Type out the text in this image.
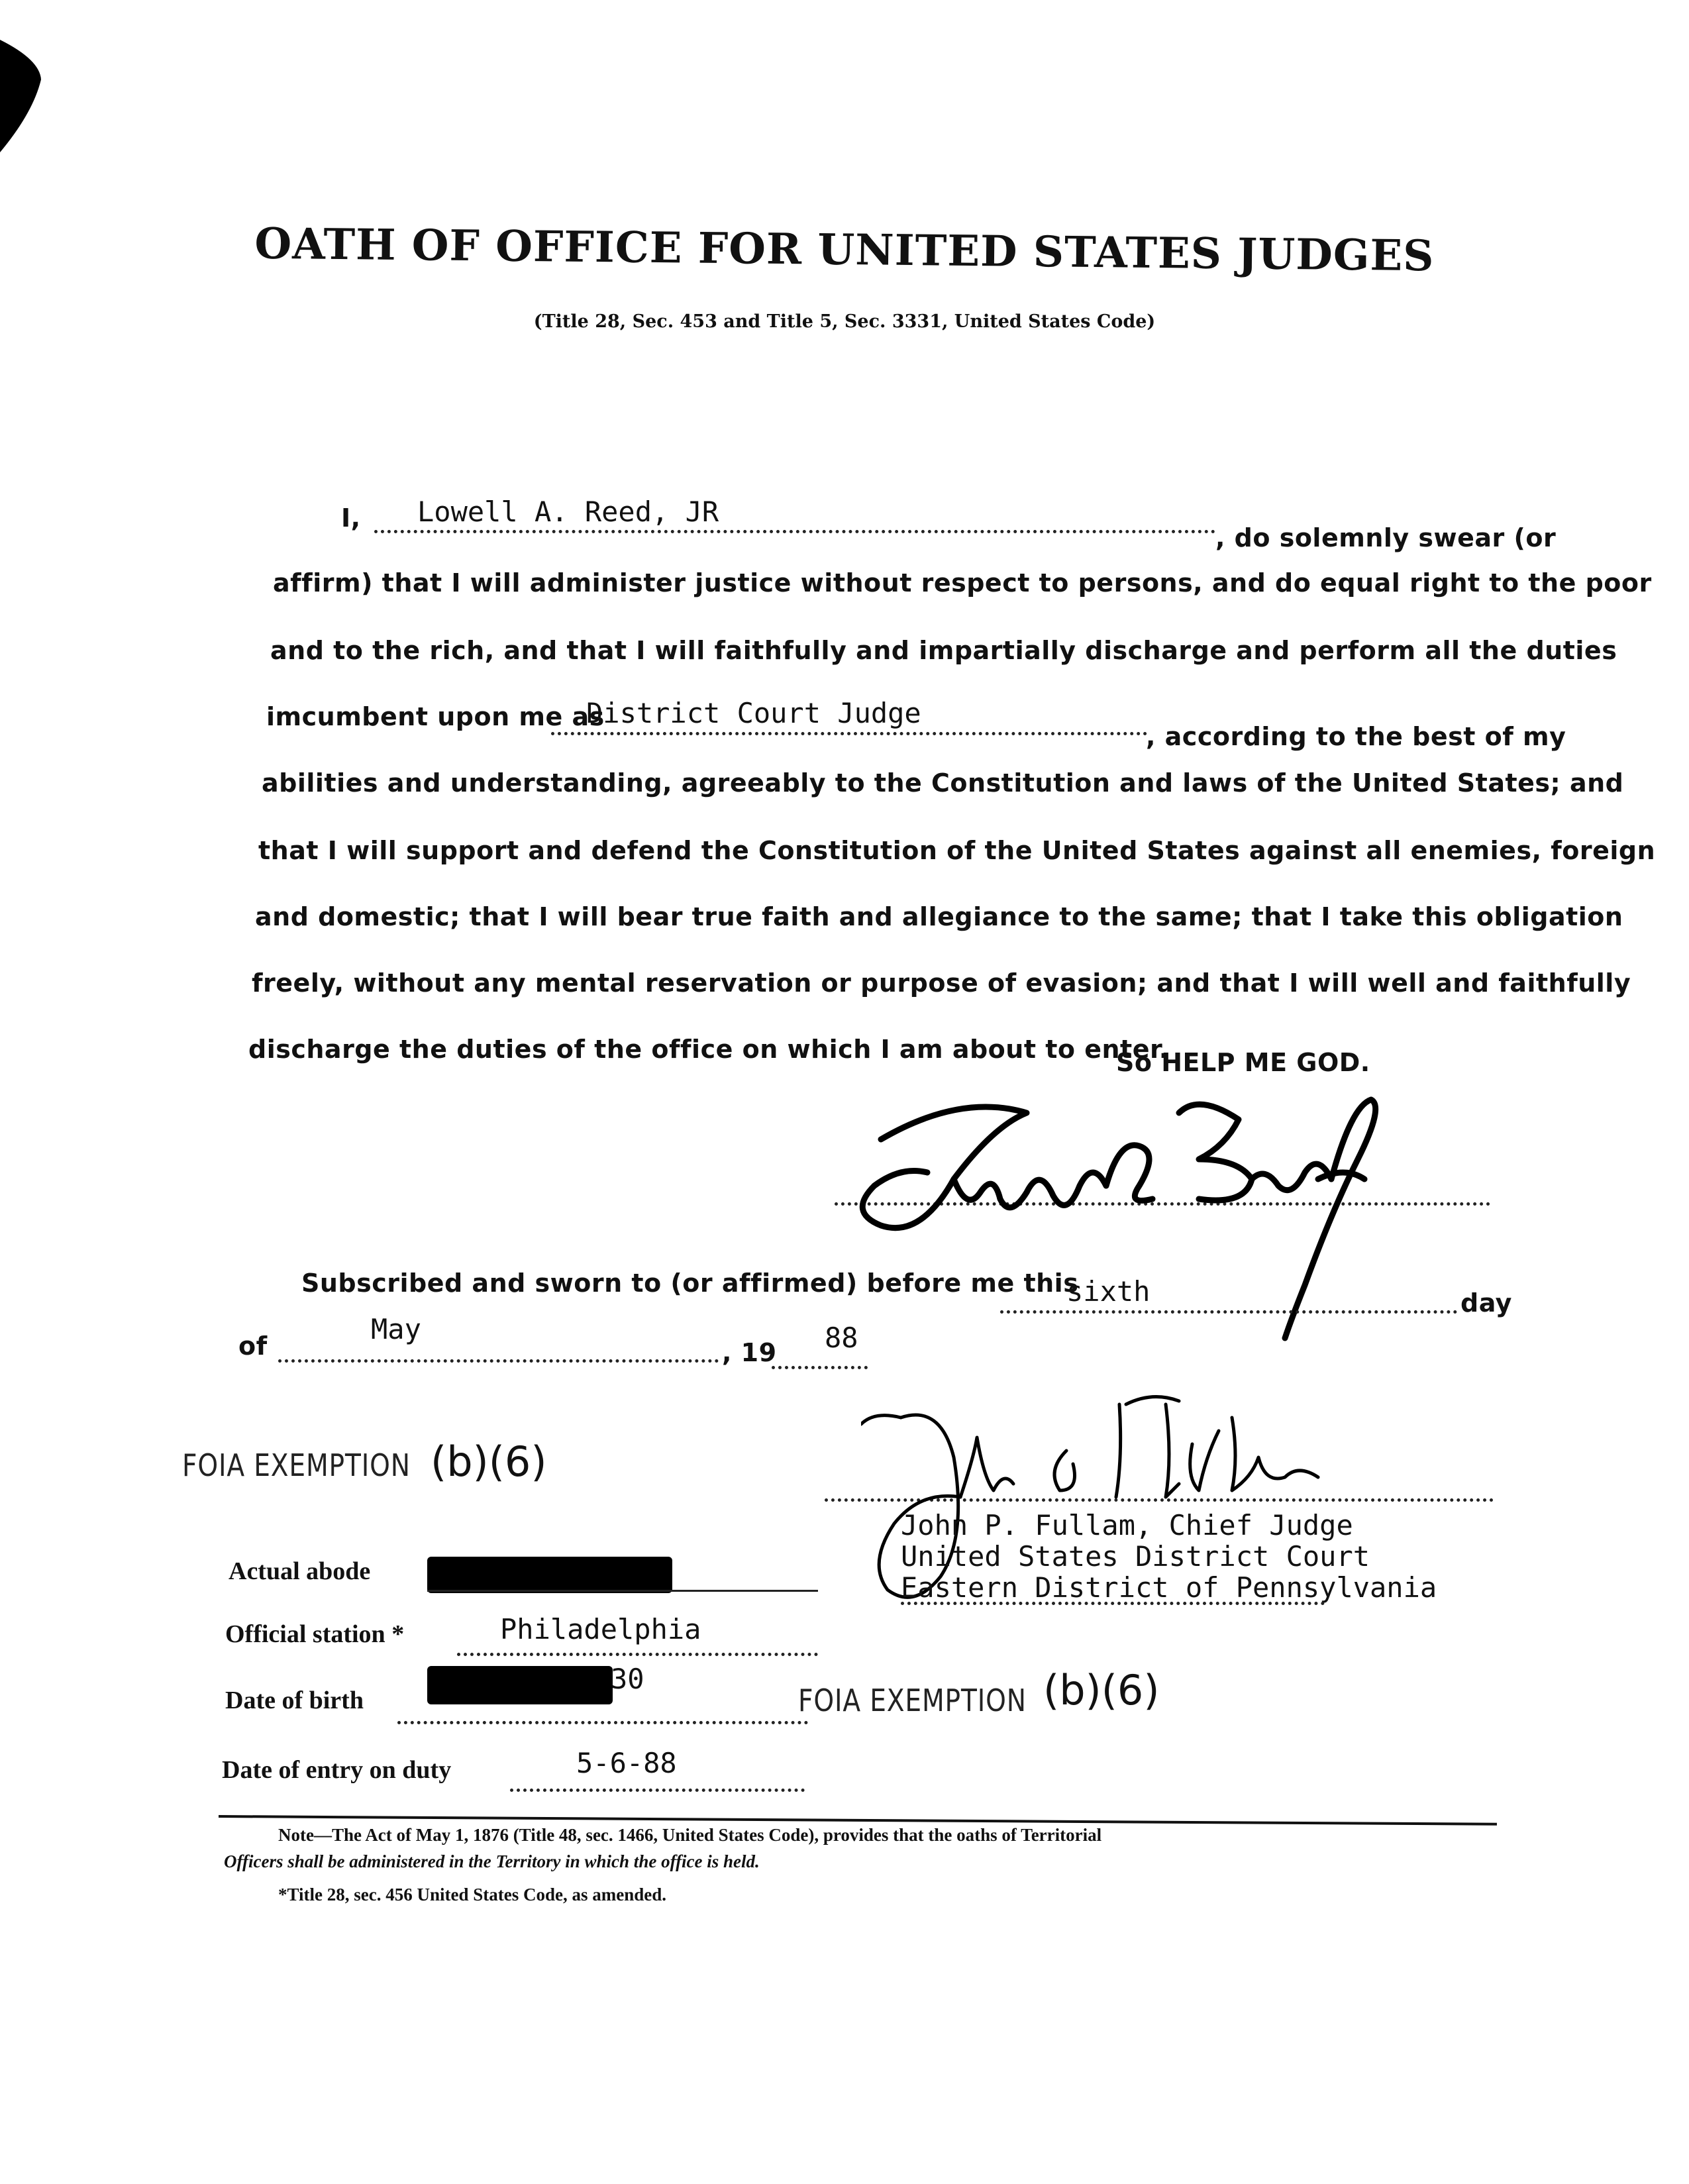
OATH OF OFFICE FOR UNITED STATES JUDGES
(Title 28, Sec. 453 and Title 5, Sec. 3331, United States Code)
I, Lowell A. Reed, JR
, do solemnly swear (or
affirm) that I will administer justice without respect to persons, and do equal right to the poor
and to the rich, and that I will faithfully and impartially discharge and perform all the duties
imcumbent upon me as
District Court Judge
, according to the best of my
abilities and understanding, agreeably to the Constitution and laws of the United States; and
that I will support and defend the Constitution of the United States against all enemies, foreign
and domestic; that I will bear true faith and allegiance to the same; that I take this obligation
freely, without any mental reservation or purpose of evasion; and that I will well and faithfully
discharge the duties of the office on which I am about to enter.
So HELP ME GOD.
Subscribed and sworn to (or affirmed) before me this
sixth	day
of
May
, 19 88
FOIA EXEMPTION (b)(6)
John P. Fullam, Chief Judge
United States District Court
Eastern District of Pennsylvania
Actual abode
Official station *	Philadelphia
Date of birth
30
FOIA EXEMPTION (b)(6)
Date of entry on duty	5-6-88
Note—The Act of May 1, 1876 (Title 48, sec. 1466, United States Code), provides that the oaths of Territorial
Officers shall be administered in the Territory in which the office is held.
*Title 28, sec. 456 United States Code, as amended.
